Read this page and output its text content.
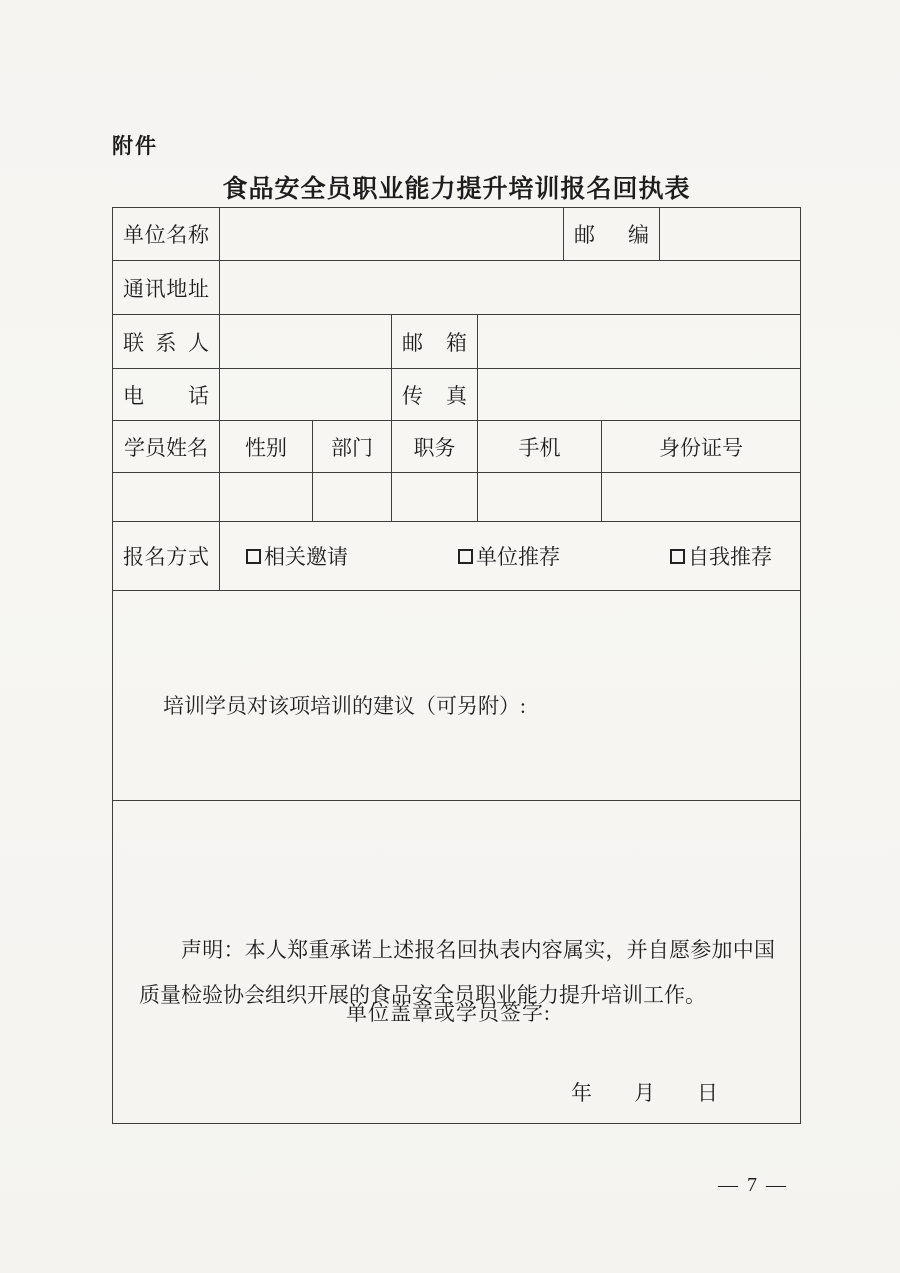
附件
食品安全员职业能力提升培训报名回执表
单位名称					邮编		
通讯地址							
联系人			邮箱				
电话			传真				
学员姓名	性别	部门	职务	手机		身份证号	

报名方式	相关邀请 单位推荐 自我推荐						

培训学员对该项培训的建议（可另附）:							

声明：本人郑重承诺上述报名回执表内容属实，并自愿参加中国质量检验协会组织开展的食品安全员职业能力提升培训工作。
单位盖章或学员签字:
年　　月　　日							
— 7 —
